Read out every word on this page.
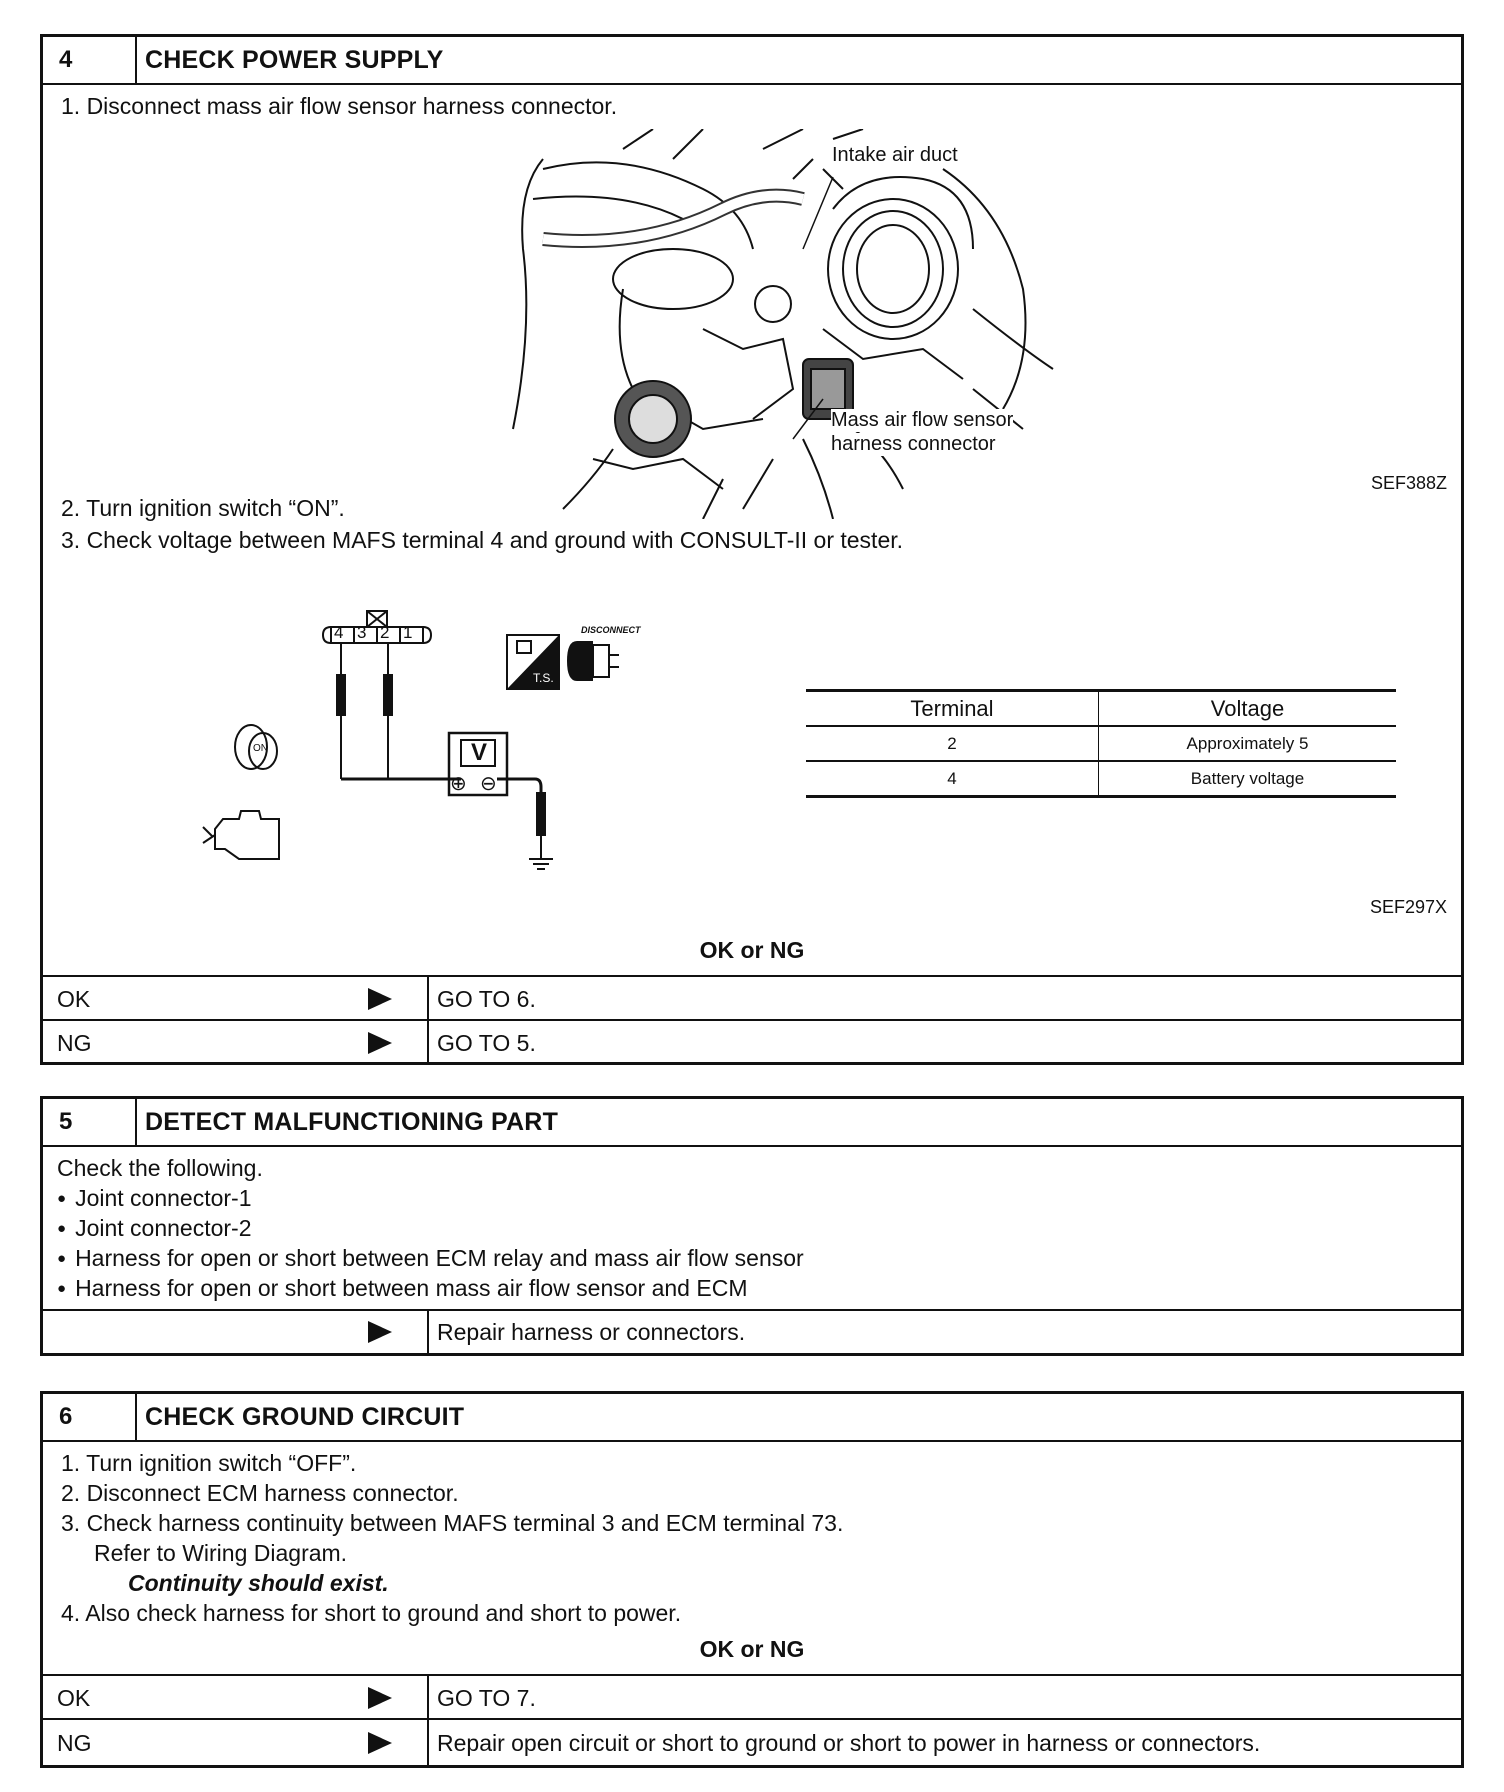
4	CHECK POWER SUPPLY
1. Disconnect mass air flow sensor harness connector.
Intake air duct
Mass air flow sensor
harness connector
SEF388Z
2. Turn ignition switch “ON”.
3. Check voltage between MAFS terminal 4 and ground with CONSULT-II or tester.
4 3 2 1
V
⊕ ⊖
T.S.
DISCONNECT
ON
Terminal	Voltage
2	Approximately 5
4	Battery voltage
SEF297X
OK or NG
OK	GO TO 6.
NG	GO TO 5.
5	DETECT MALFUNCTIONING PART
Check the following.
● Joint connector-1
● Joint connector-2
● Harness for open or short between ECM relay and mass air flow sensor
● Harness for open or short between mass air flow sensor and ECM
Repair harness or connectors.
6	CHECK GROUND CIRCUIT
1. Turn ignition switch “OFF”.
2. Disconnect ECM harness connector.
3. Check harness continuity between MAFS terminal 3 and ECM terminal 73.
Refer to Wiring Diagram.
Continuity should exist.
4. Also check harness for short to ground and short to power.
OK or NG
OK	GO TO 7.
NG	Repair open circuit or short to ground or short to power in harness or connectors.
